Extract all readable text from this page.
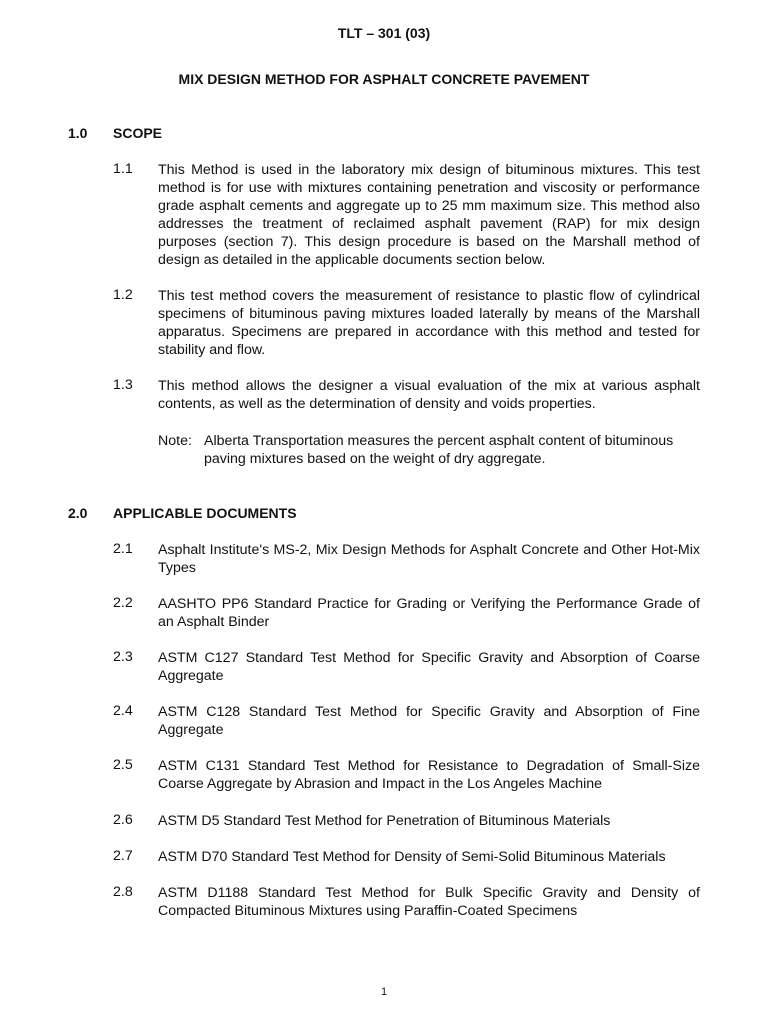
TLT – 301 (03)
MIX DESIGN METHOD FOR ASPHALT CONCRETE PAVEMENT
1.0 SCOPE
1.1 This Method is used in the laboratory mix design of bituminous mixtures. This test method is for use with mixtures containing penetration and viscosity or performance grade asphalt cements and aggregate up to 25 mm maximum size. This method also addresses the treatment of reclaimed asphalt pavement (RAP) for mix design purposes (section 7). This design procedure is based on the Marshall method of design as detailed in the applicable documents section below.
1.2 This test method covers the measurement of resistance to plastic flow of cylindrical specimens of bituminous paving mixtures loaded laterally by means of the Marshall apparatus. Specimens are prepared in accordance with this method and tested for stability and flow.
1.3 This method allows the designer a visual evaluation of the mix at various asphalt contents, as well as the determination of density and voids properties.
Note: Alberta Transportation measures the percent asphalt content of bituminous paving mixtures based on the weight of dry aggregate.
2.0 APPLICABLE DOCUMENTS
2.1 Asphalt Institute's MS-2, Mix Design Methods for Asphalt Concrete and Other Hot-Mix Types
2.2 AASHTO PP6 Standard Practice for Grading or Verifying the Performance Grade of an Asphalt Binder
2.3 ASTM C127 Standard Test Method for Specific Gravity and Absorption of Coarse Aggregate
2.4 ASTM C128 Standard Test Method for Specific Gravity and Absorption of Fine Aggregate
2.5 ASTM C131 Standard Test Method for Resistance to Degradation of Small-Size Coarse Aggregate by Abrasion and Impact in the Los Angeles Machine
2.6 ASTM D5 Standard Test Method for Penetration of Bituminous Materials
2.7 ASTM D70 Standard Test Method for Density of Semi-Solid Bituminous Materials
2.8 ASTM D1188 Standard Test Method for Bulk Specific Gravity and Density of Compacted Bituminous Mixtures using Paraffin-Coated Specimens
1
